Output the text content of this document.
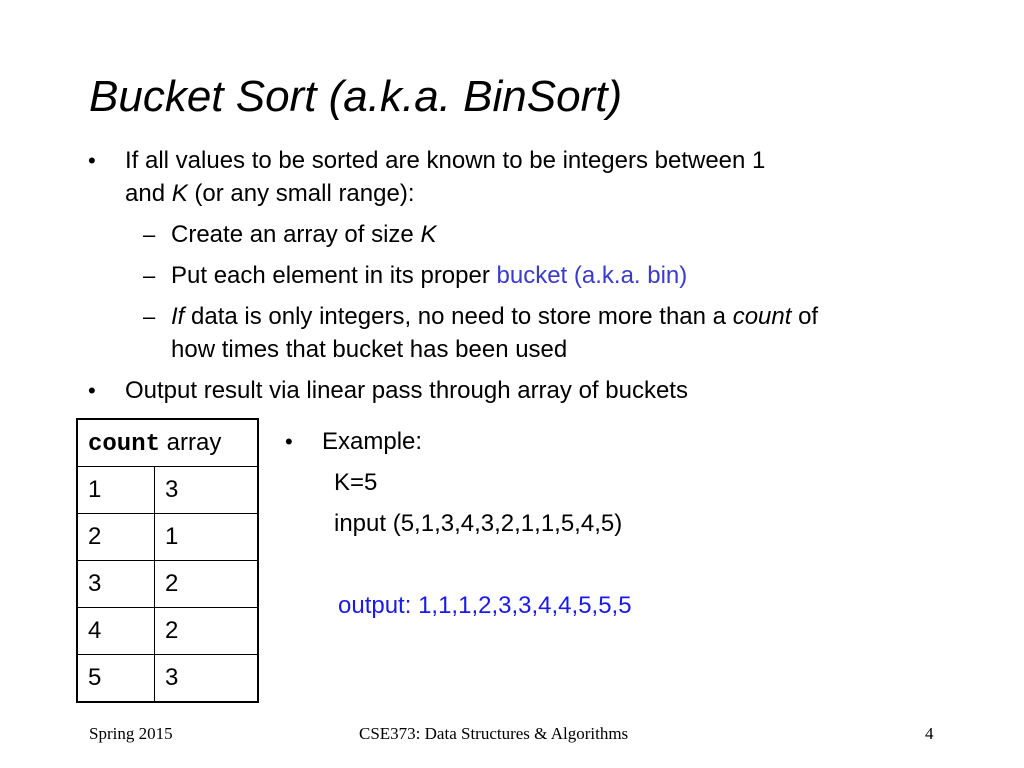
Bucket Sort (a.k.a. BinSort)
• If all values to be sorted are known to be integers between 1
and K (or any small range):
– Create an array of size K
– Put each element in its proper bucket (a.k.a. bin)
– If data is only integers, no need to store more than a count of
how times that bucket has been used
• Output result via linear pass through array of buckets
count array	
1	3
2	1
3	2
4	2
5	3
• Example:
K=5
input (5,1,3,4,3,2,1,1,5,4,5)
output: 1,1,1,2,3,3,4,4,5,5,5
Spring 2015	CSE373: Data Structures & Algorithms	4
